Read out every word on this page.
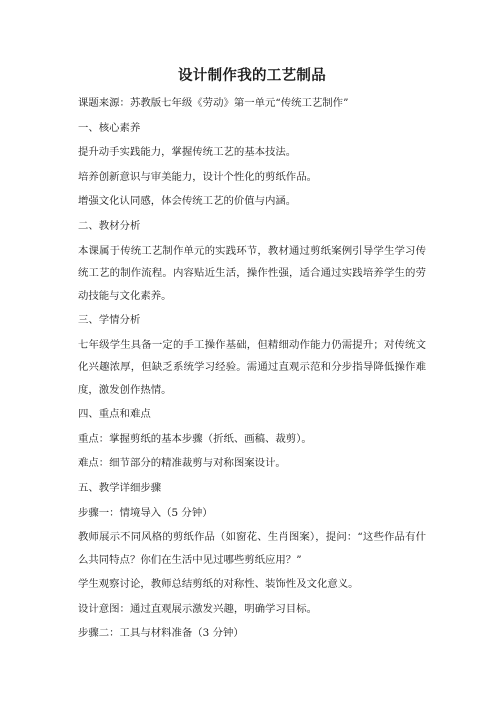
设计制作我的工艺制品
课题来源：苏教版七年级《劳动》第一单元“传统工艺制作”
一、核心素养
提升动手实践能力，掌握传统工艺的基本技法。
培养创新意识与审美能力，设计个性化的剪纸作品。
增强文化认同感，体会传统工艺的价值与内涵。
二、教材分析
本课属于传统工艺制作单元的实践环节，教材通过剪纸案例引导学生学习传统工艺的制作流程。内容贴近生活，操作性强，适合通过实践培养学生的劳动技能与文化素养。
三、学情分析
七年级学生具备一定的手工操作基础，但精细动作能力仍需提升；对传统文化兴趣浓厚，但缺乏系统学习经验。需通过直观示范和分步指导降低操作难度，激发创作热情。
四、重点和难点
重点：掌握剪纸的基本步骤（折纸、画稿、裁剪）。
难点：细节部分的精准裁剪与对称图案设计。
五、教学详细步骤
步骤一：情境导入（5 分钟）
教师展示不同风格的剪纸作品（如窗花、生肖图案），提问：“这些作品有什么共同特点？你们在生活中见过哪些剪纸应用？”
学生观察讨论，教师总结剪纸的对称性、装饰性及文化意义。
设计意图：通过直观展示激发兴趣，明确学习目标。
步骤二：工具与材料准备（3 分钟）
